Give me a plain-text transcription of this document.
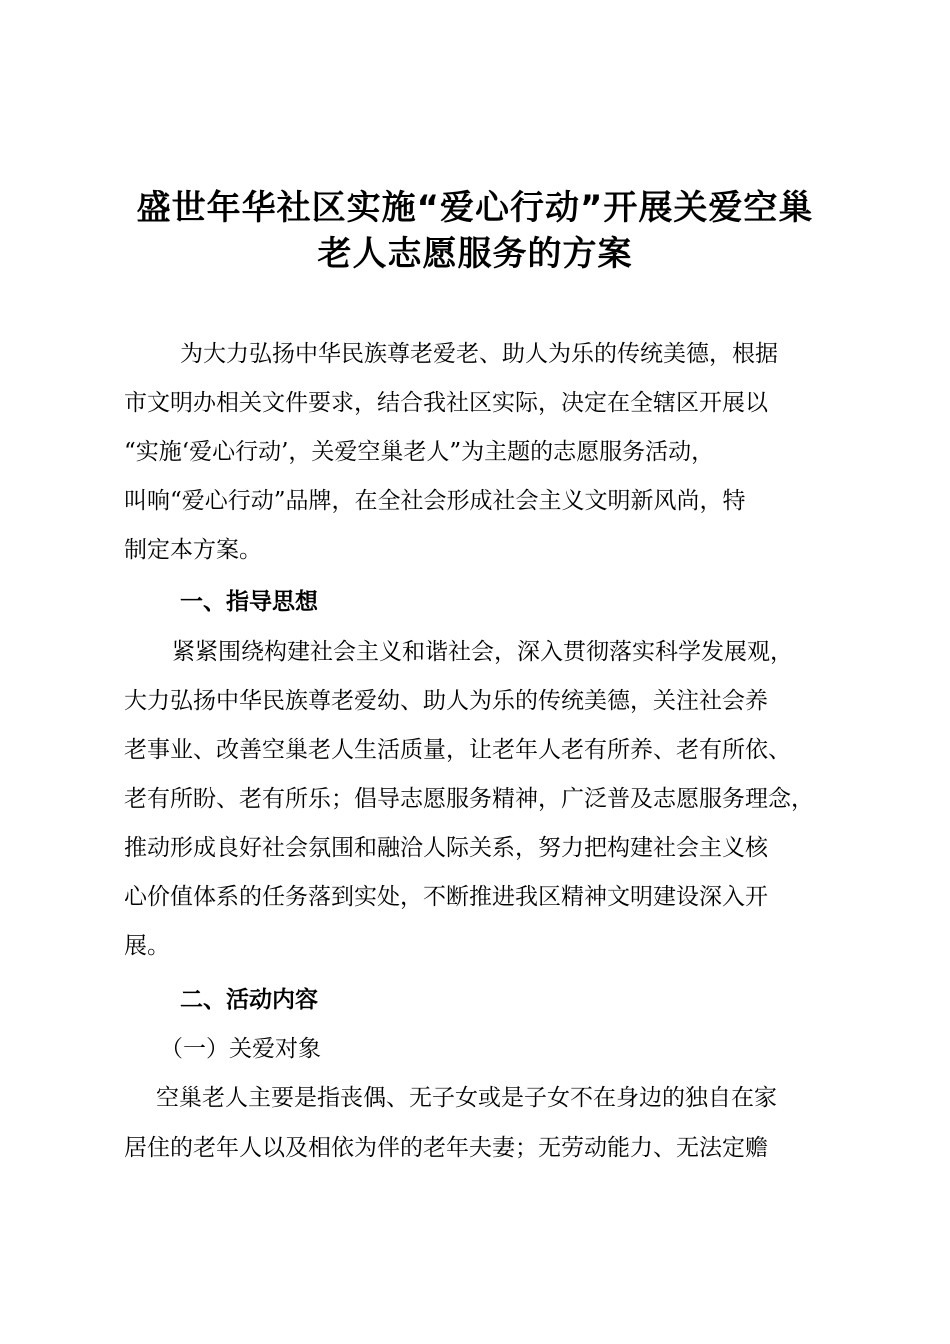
盛世年华社区实施“爱心行动”开展关爱空巢
老人志愿服务的方案
为大力弘扬中华民族尊老爱老、助人为乐的传统美德，根据
市文明办相关文件要求，结合我社区实际，决定在全辖区开展以
“实施‘爱心行动’，关爱空巢老人”为主题的志愿服务活动，
叫响“爱心行动”品牌，在全社会形成社会主义文明新风尚，特
制定本方案。
一、指导思想
紧紧围绕构建社会主义和谐社会，深入贯彻落实科学发展观，
大力弘扬中华民族尊老爱幼、助人为乐的传统美德，关注社会养
老事业、改善空巢老人生活质量，让老年人老有所养、老有所依、
老有所盼、老有所乐；倡导志愿服务精神，广泛普及志愿服务理念，
推动形成良好社会氛围和融洽人际关系，努力把构建社会主义核
心价值体系的任务落到实处，不断推进我区精神文明建设深入开
展。
二、活动内容
（一）关爱对象
空巢老人主要是指丧偶、无子女或是子女不在身边的独自在家
居住的老年人以及相依为伴的老年夫妻；无劳动能力、无法定赡
